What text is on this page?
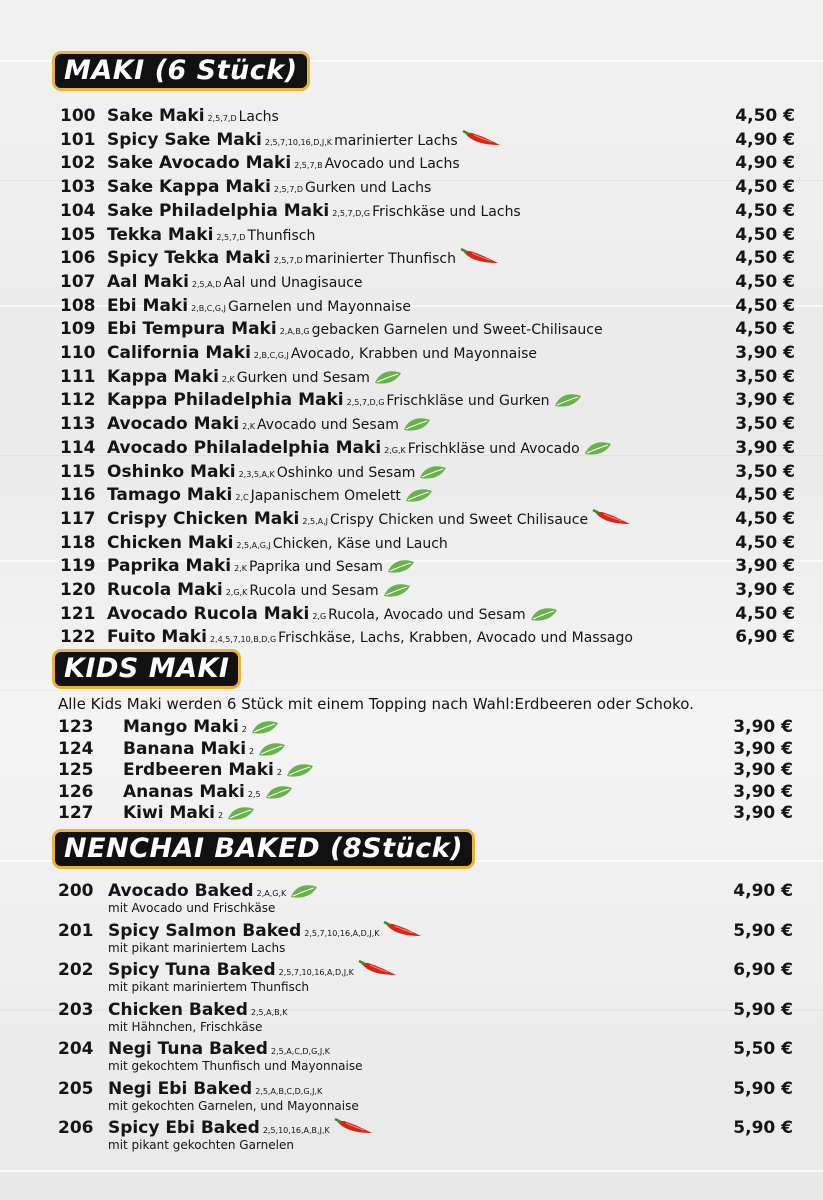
MAKI (6 Stück)
100 Sake Maki 2,5,7,D Lachs	4,50 €
101 Spicy Sake Maki 2,5,7,10,16,D,J,K marinierter Lachs	4,90 €
102 Sake Avocado Maki 2,5,7,B Avocado und Lachs	4,90 €
103 Sake Kappa Maki 2,5,7,D Gurken und Lachs	4,50 €
104 Sake Philadelphia Maki 2,5,7,D,G Frischkäse und Lachs	4,50 €
105 Tekka Maki 2,5,7,D Thunfisch	4,50 €
106 Spicy Tekka Maki 2,5,7,D marinierter Thunfisch	4,50 €
107 Aal Maki 2,5,A,D Aal und Unagisauce	4,50 €
108 Ebi Maki 2,B,C,G,J Garnelen und Mayonnaise	4,50 €
109 Ebi Tempura Maki 2,A,B,G gebacken Garnelen und Sweet-Chilisauce	4,50 €
110 California Maki 2,B,C,G,J Avocado, Krabben und Mayonnaise	3,90 €
111 Kappa Maki 2,K Gurken und Sesam	3,50 €
112 Kappa Philadelphia Maki 2,5,7,D,G Frischkläse und Gurken	3,90 €
113 Avocado Maki 2,K Avocado und Sesam	3,50 €
114 Avocado Philaladelphia Maki 2,G,K Frischkläse und Avocado	3,90 €
115 Oshinko Maki 2,3,5,A,K Oshinko und Sesam	3,50 €
116 Tamago Maki 2,C Japanischem Omelett	4,50 €
117 Crispy Chicken Maki 2,5,A,J Crispy Chicken und Sweet Chilisauce	4,50 €
118 Chicken Maki 2,5,A,G,J Chicken, Käse und Lauch	4,50 €
119 Paprika Maki 2,K Paprika und Sesam	3,90 €
120 Rucola Maki 2,G,K Rucola und Sesam	3,90 €
121 Avocado Rucola Maki 2,G Rucola, Avocado und Sesam	4,50 €
122 Fuito Maki 2,4,5,7,10,B,D,G Frischkäse, Lachs, Krabben, Avocado und Massago	6,90 €
KIDS MAKI
Alle Kids Maki werden 6 Stück mit einem Topping nach Wahl:Erdbeeren oder Schoko.
123 Mango Maki 2	3,90 €
124 Banana Maki 2	3,90 €
125 Erdbeeren Maki 2	3,90 €
126 Ananas Maki 2,5	3,90 €
127 Kiwi Maki 2	3,90 €
NENCHAI BAKED (8Stück)
200 Avocado Baked 2,A,G,K	4,90 €
mit Avocado und Frischkäse
201 Spicy Salmon Baked 2,5,7,10,16,A,D,J,K	5,90 €
mit pikant mariniertem Lachs
202 Spicy Tuna Baked 2,5,7,10,16,A,D,J,K	6,90 €
mit pikant mariniertem Thunfisch
203 Chicken Baked 2,5,A,B,K	5,90 €
mit Hähnchen, Frischkäse
204 Negi Tuna Baked 2,5,A,C,D,G,J,K	5,50 €
mit gekochtem Thunfisch und Mayonnaise
205 Negi Ebi Baked 2,5,A,B,C,D,G,J,K	5,90 €
mit gekochten Garnelen, und Mayonnaise
206 Spicy Ebi Baked 2,5,10,16,A,B,J,K	5,90 €
mit pikant gekochten Garnelen
